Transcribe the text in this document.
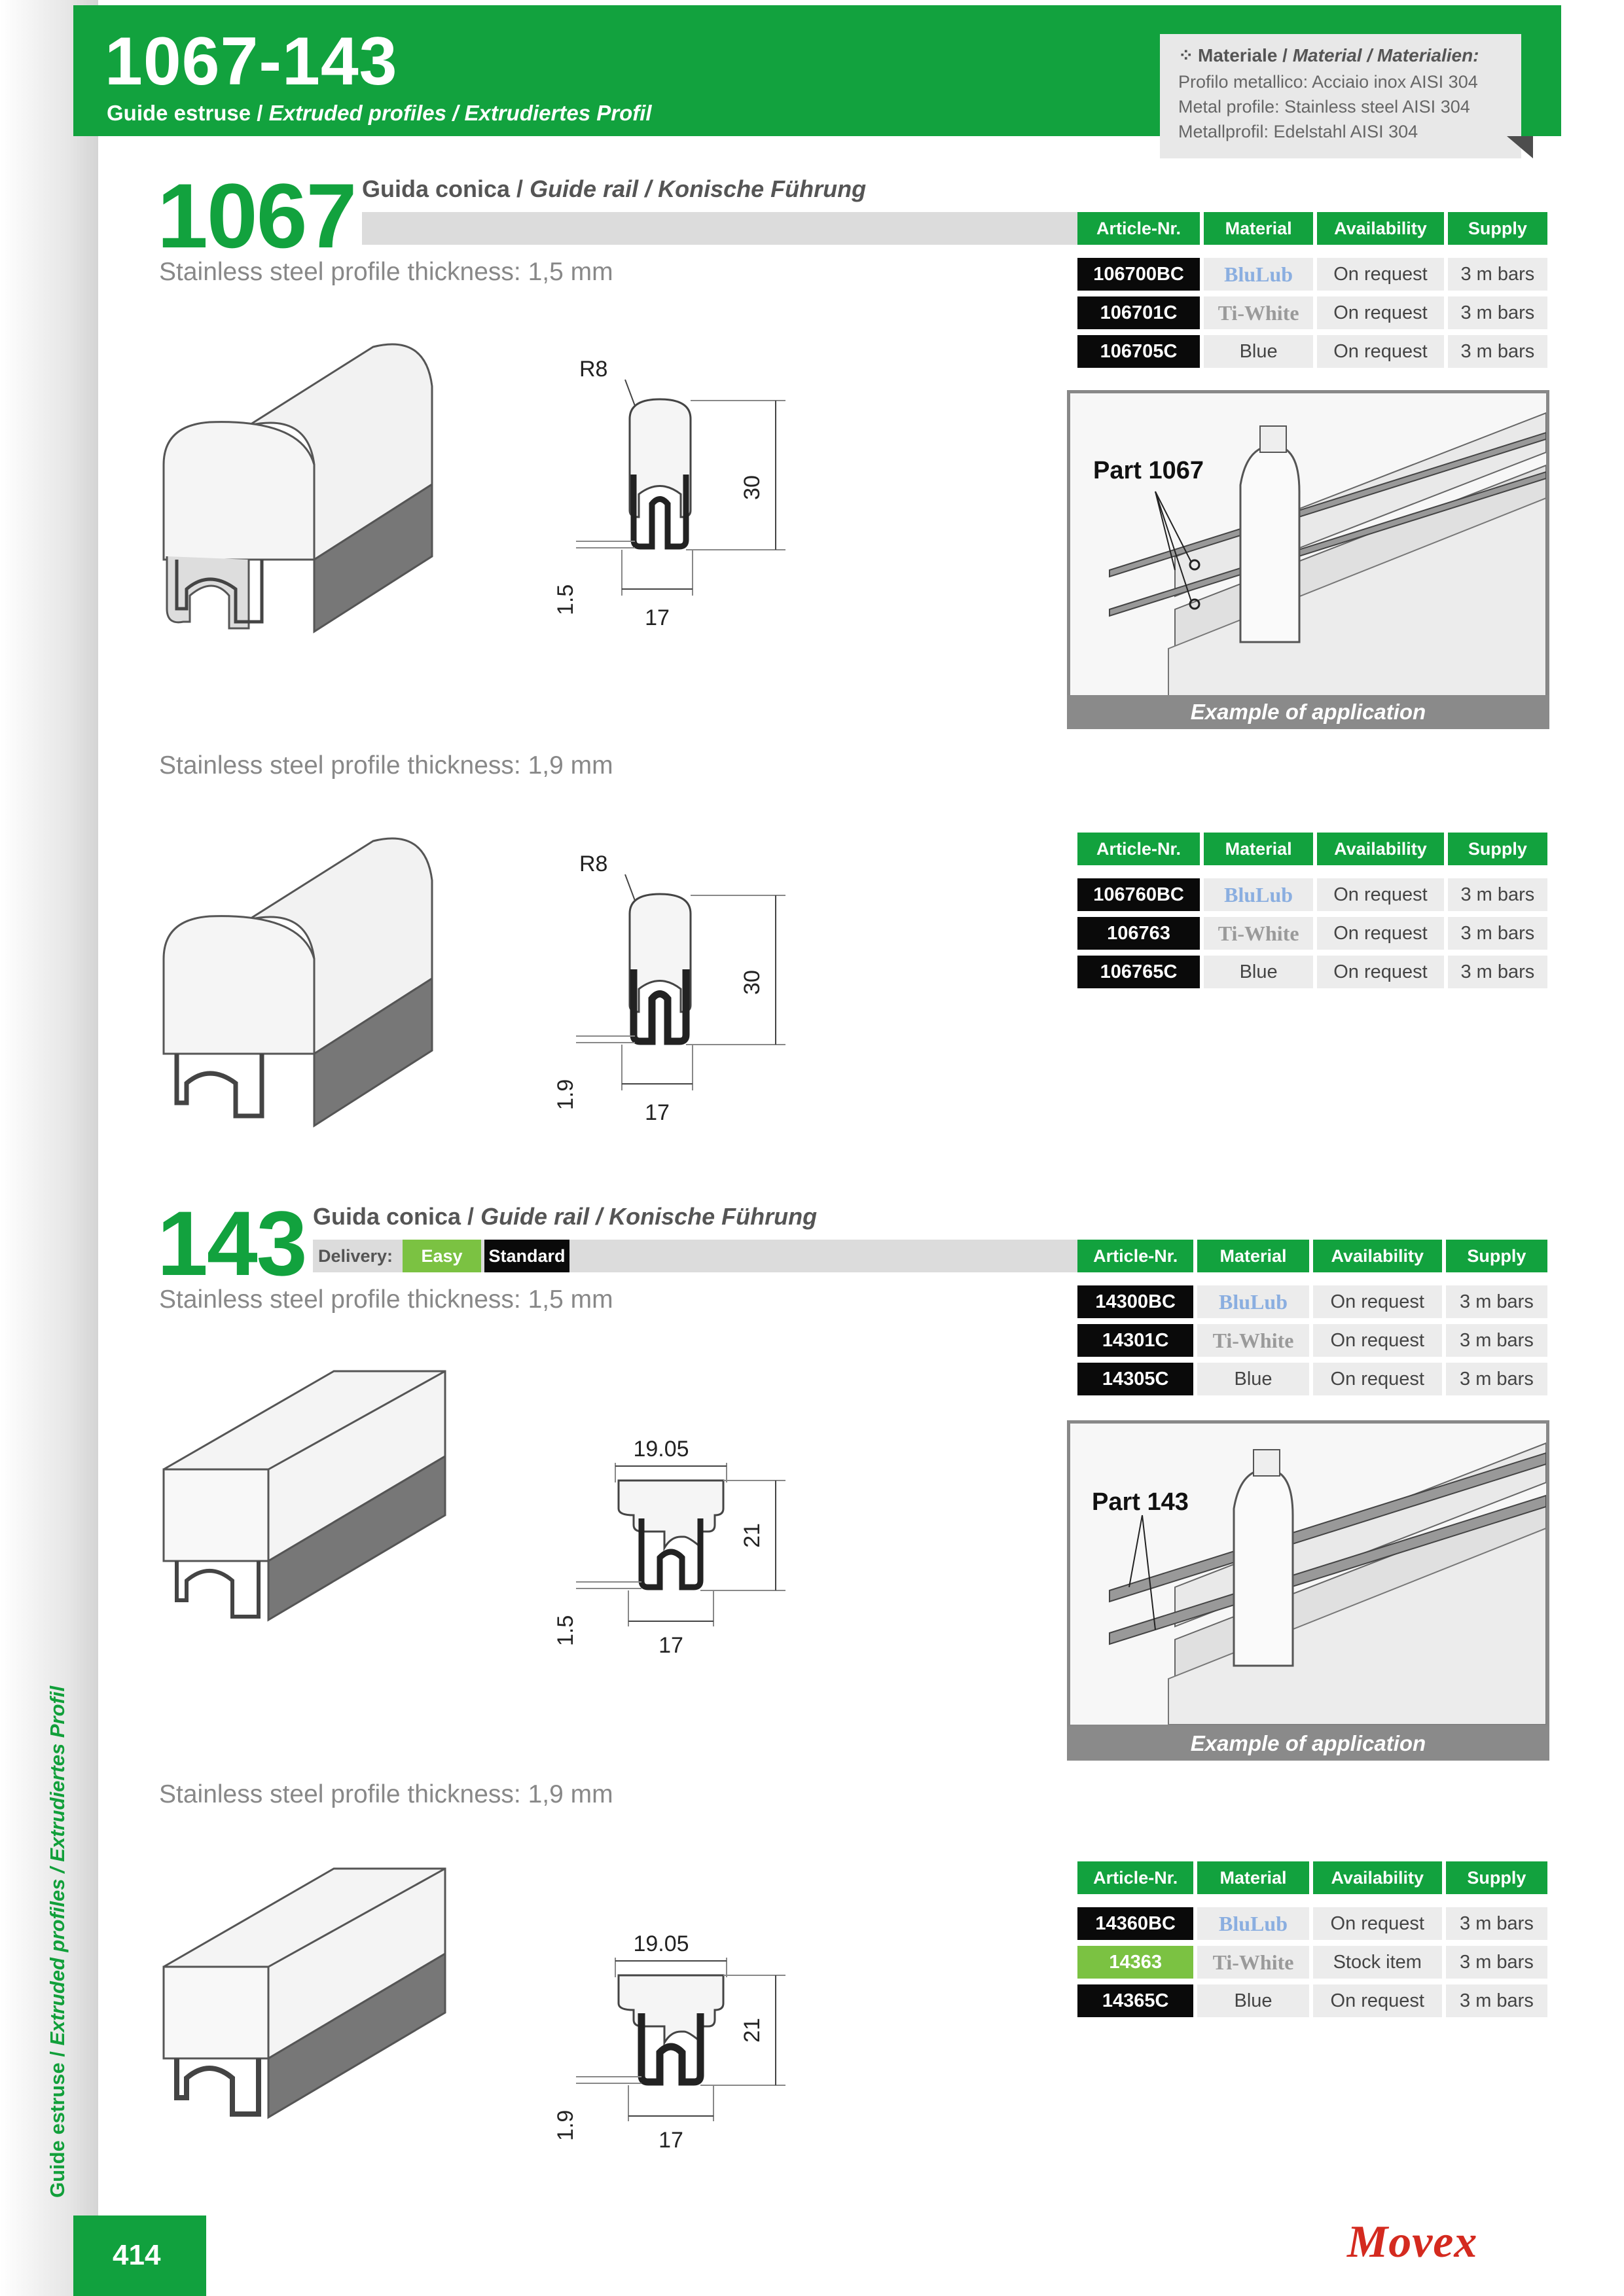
Guide estruse / Extruded profiles / Extrudiertes Profil
414
1067-143
Guide estruse / Extruded profiles / Extrudiertes Profil
⁘ Materiale / Material / Materialien:
Profilo metallico: Acciaio inox AISI 304
Metal profile: Stainless steel AISI 304
Metallprofil: Edelstahl AISI 304
1067 Guida conica / Guide rail / Konische Führung
Stainless steel profile thickness: 1,5 mm
Article-Nr.	Material	Availability	Supply

106700BC	BluLub	On request	3 m bars
106701C	Ti-White	On request	3 m bars
106705C	Blue	On request	3 m bars
R8
30
17
1.5
Part 1067
Example of application
Stainless steel profile thickness: 1,9 mm
Article-Nr.	Material	Availability	Supply

106760BC	BluLub	On request	3 m bars
106763	Ti-White	On request	3 m bars
106765C	Blue	On request	3 m bars
R8
30
17
1.9
143 Guida conica / Guide rail / Konische Führung
Delivery:	Easy	Standard
Stainless steel profile thickness: 1,5 mm
Article-Nr.	Material	Availability	Supply

14300BC	BluLub	On request	3 m bars
14301C	Ti-White	On request	3 m bars
14305C	Blue	On request	3 m bars
19.05
21
17
1.5
Part 143
Example of application
Stainless steel profile thickness: 1,9 mm
Article-Nr.	Material	Availability	Supply

14360BC	BluLub	On request	3 m bars
14363	Ti-White	Stock item	3 m bars
14365C	Blue	On request	3 m bars
19.05
21
17
1.9
Movex
